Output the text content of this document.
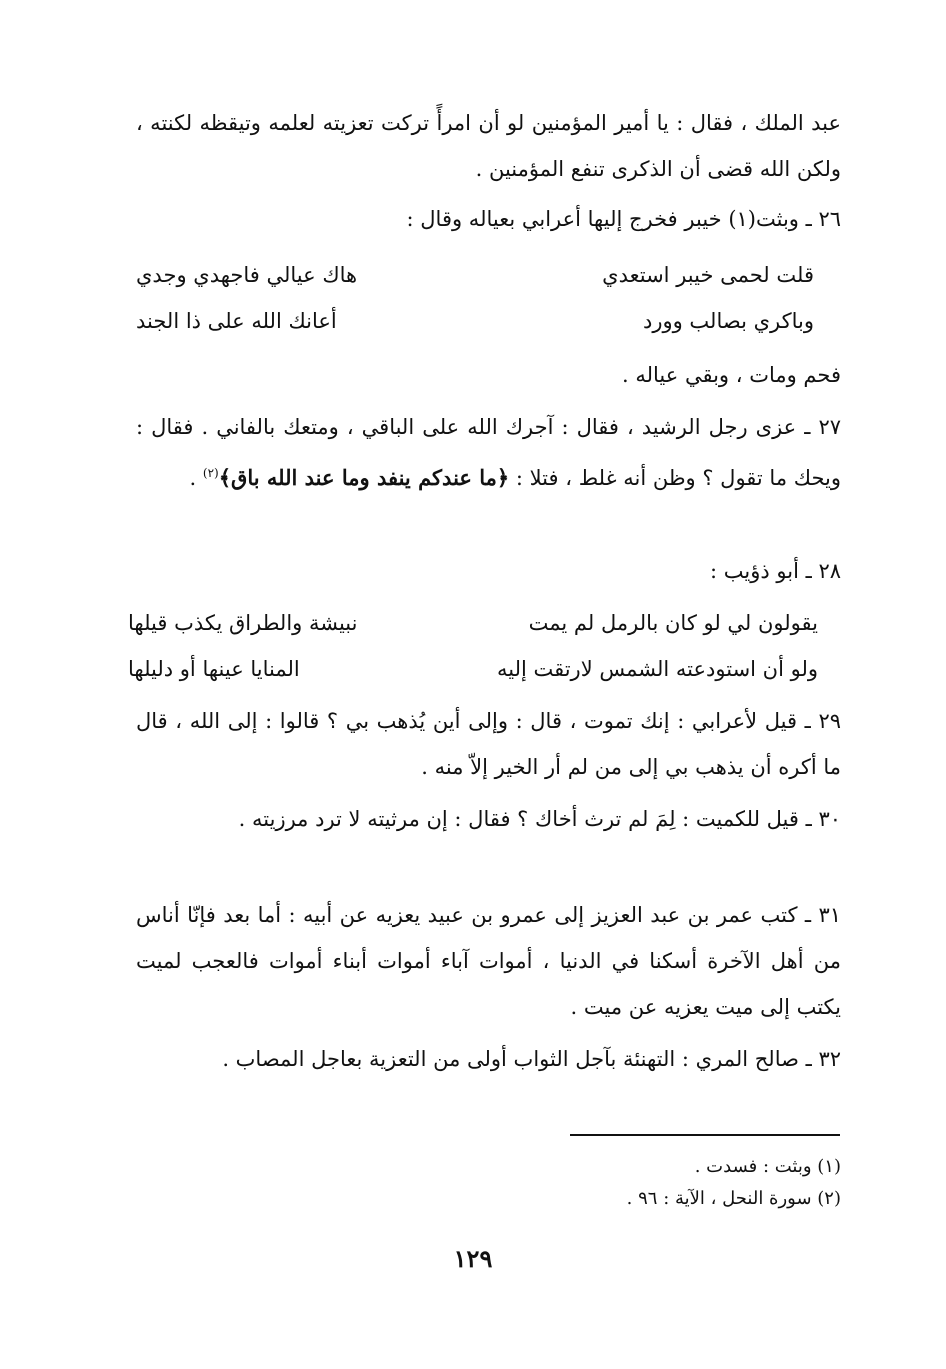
عبد الملك ، فقال : يا أمير المؤمنين لو أن امرأً تركت تعزيته لعلمه وتيقظه لكنته ، ولكن الله قضى أن الذكرى تنفع المؤمنين .
٢٦ ـ وبثت(١) خيبر فخرج إليها أعرابي بعياله وقال :
قلت لحمى خيبر استعدي
هاك عيالي فاجهدي وجدي
وباكري بصالب وورد
أعانك الله على ذا الجند
فحم ومات ، وبقي عياله .
٢٧ ـ عزى رجل الرشيد ، فقال : آجرك الله على الباقي ، ومتعك بالفاني . فقال : ويحك ما تقول ؟ وظن أنه غلط ، فتلا : ﴿ما عندكم ينفد وما عند الله باق﴾$^{(٢)}$ .
٢٨ ـ أبو ذؤيب :
يقولون لي لو كان بالرمل لم يمت
نبيشة والطراق يكذب قيلها
ولو أن استودعته الشمس لارتقت إليه
المنايا عينها أو دليلها
٢٩ ـ قيل لأعرابي : إنك تموت ، قال : وإلى أين يُذهب بي ؟ قالوا : إلى الله ، قال ما أكره أن يذهب بي إلى من لم أر الخير إلاّ منه .
٣٠ ـ قيل للكميت : لِمَ لم ترث أخاك ؟ فقال : إن مرثيته لا ترد مرزيته .
٣١ ـ كتب عمر بن عبد العزيز إلى عمرو بن عبيد يعزيه عن أبيه : أما بعد فإنّا أناس من أهل الآخرة أسكنا في الدنيا ، أموات آباء أموات أبناء أموات فالعجب لميت يكتب إلى ميت يعزيه عن ميت .
٣٢ ـ صالح المري : التهنئة بآجل الثواب أولى من التعزية بعاجل المصاب .
(١) وبثت : فسدت .
(٢) سورة النحل ، الآية : ٩٦ .
١٢٩
